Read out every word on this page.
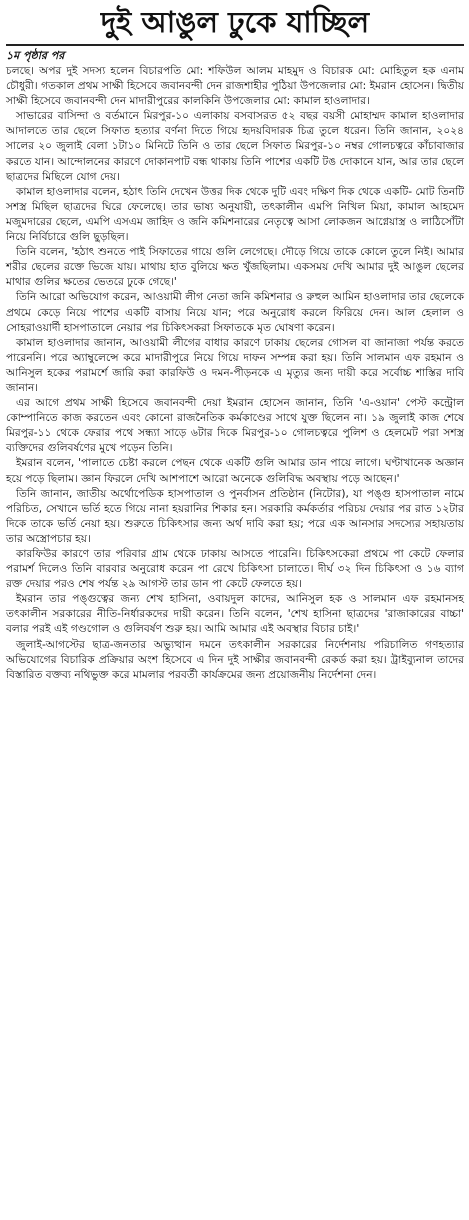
দুই আঙুল ঢুকে যাচ্ছিল
১ম পৃষ্ঠার পর

চলছে। অপর দুই সদস্য হলেন বিচারপতি মো: শফিউল আলম মাহমুদ ও বিচারক মো: মোহিতুল হক এনাম চৌধুরী। গতকাল প্রথম সাক্ষী হিসেবে জবানবন্দী দেন রাজশাহীর পুঠিয়া উপজেলার মো: ইমরান হোসেন। দ্বিতীয় সাক্ষী হিসেবে জবানবন্দী দেন মাদারীপুরের কালকিনি উপজেলার মো: কামাল হাওলাদার।

সাভারের বাসিন্দা ও বর্তমানে মিরপুর-১০ এলাকায় বসবাসরত ৫২ বছর বয়সী মোহাম্মদ কামাল হাওলাদার আদালতে তার ছেলে সিফাত হত্যার বর্ণনা দিতে গিয়ে হৃদয়বিদারক চিত্র তুলে ধরেন। তিনি জানান, ২০২৪ সালের ২০ জুলাই বেলা ১টা১০ মিনিটে তিনি ও তার ছেলে সিফাত মিরপুর-১০ নম্বর গোলচত্বরে কাঁচাবাজার করতে যান। আন্দোলনের কারণে দোকানপাট বন্ধ থাকায় তিনি পাশের একটি টঙ দোকানে যান, আর তার ছেলে ছাত্রদের মিছিলে যোগ দেয়।

কামাল হাওলাদার বলেন, হঠাৎ তিনি দেখেন উত্তর দিক থেকে দুটি এবং দক্ষিণ দিক থেকে একটি- মোট তিনটি সশস্ত্র মিছিল ছাত্রদের ঘিরে ফেলেছে। তার ভাষ্য অনুযায়ী, তৎকালীন এমপি নিখিল মিয়া, কামাল আহমেদ মজুমদারের ছেলে, এমপি এসএম জাহিদ ও জনি কমিশনারের নেতৃত্বে আসা লোকজন আগ্নেয়াস্ত্র ও লাঠিসোঁটা নিয়ে নির্বিচারে গুলি ছুড়ছিল।

তিনি বলেন, 'হঠাৎ শুনতে পাই সিফাতের গায়ে গুলি লেগেছে। দৌড়ে গিয়ে তাকে কোলে তুলে নিই। আমার শরীর ছেলের রক্তে ভিজে যায়। মাথায় হাত বুলিয়ে ক্ষত খুঁজছিলাম। একসময় দেখি আমার দুই আঙুল ছেলের মাথার গুলির ক্ষতের ভেতরে ঢুকে গেছে।'

তিনি আরো অভিযোগ করেন, আওয়ামী লীগ নেতা জনি কমিশনার ও রুহুল আমিন হাওলাদার তার ছেলেকে প্রথমে কেড়ে নিয়ে পাশের একটি বাসায় নিয়ে যান; পরে অনুরোধ করলে ফিরিয়ে দেন। আল হেলাল ও সোহরাওয়ার্দী হাসপাতালে নেয়ার পর চিকিৎসকরা সিফাতকে মৃত ঘোষণা করেন।

কামাল হাওলাদার জানান, আওয়ামী লীগের বাধার কারণে ঢাকায় ছেলের গোসল বা জানাজা পর্যন্ত করতে পারেননি। পরে অ্যাম্বুলেন্সে করে মাদারীপুরে নিয়ে গিয়ে দাফন সম্পন্ন করা হয়। তিনি সালমান এফ রহমান ও আনিসুল হকের পরামর্শে জারি করা কারফিউ ও দমন-পীড়নকে এ মৃত্যুর জন্য দায়ী করে সর্বোচ্চ শাস্তির দাবি জানান।

এর আগে প্রথম সাক্ষী হিসেবে জবানবন্দী দেয়া ইমরান হোসেন জানান, তিনি 'এ-ওয়ান' পেস্ট কন্ট্রোল কোম্পানিতে কাজ করতেন এবং কোনো রাজনৈতিক কর্মকাণ্ডের সাথে যুক্ত ছিলেন না। ১৯ জুলাই কাজ শেষে মিরপুর-১১ থেকে ফেরার পথে সন্ধ্যা সাড়ে ৬টার দিকে মিরপুর-১০ গোলচত্বরে পুলিশ ও হেলমেট পরা সশস্ত্র ব্যক্তিদের গুলিবর্ষণের মুখে পড়েন তিনি।

ইমরান বলেন, 'পালাতে চেষ্টা করলে পেছন থেকে একটি গুলি আমার ডান পায়ে লাগে। ঘণ্টাখানেক অজ্ঞান হয়ে পড়ে ছিলাম। জ্ঞান ফিরলে দেখি আশপাশে আরো অনেকে গুলিবিদ্ধ অবস্থায় পড়ে আছেন।'

তিনি জানান, জাতীয় অর্থোপেডিক হাসপাতাল ও পুনর্বাসন প্রতিষ্ঠান (নিটোর), যা পঙ্গু হাসপাতাল নামে পরিচিত, সেখানে ভর্তি হতে গিয়ে নানা হয়রানির শিকার হন। সরকারি কর্মকর্তার পরিচয় দেয়ার পর রাত ১২টার দিকে তাকে ভর্তি নেয়া হয়। শুরুতে চিকিৎসার জন্য অর্থ দাবি করা হয়; পরে এক আনসার সদস্যের সহায়তায় তার অস্ত্রোপচার হয়।

কারফিউর কারণে তার পরিবার গ্রাম থেকে ঢাকায় আসতে পারেনি। চিকিৎসকেরা প্রথমে পা কেটে ফেলার পরামর্শ দিলেও তিনি বারবার অনুরোধ করেন পা রেখে চিকিৎসা চালাতে। দীর্ঘ ৩২ দিন চিকিৎসা ও ১৬ ব্যাগ রক্ত দেয়ার পরও শেষ পর্যন্ত ২৯ আগস্ট তার ডান পা কেটে ফেলতে হয়।

ইমরান তার পঙ্গুত্বের জন্য শেখ হাসিনা, ওবায়দুল কাদের, আনিসুল হক ও সালমান এফ রহমানসহ তৎকালীন সরকারের নীতি-নির্ধারকদের দায়ী করেন। তিনি বলেন, 'শেখ হাসিনা ছাত্রদের 'রাজাকারের বাচ্চা' বলার পরই এই গণ্ডগোল ও গুলিবর্ষণ শুরু হয়। আমি আমার এই অবস্থার বিচার চাই।'

জুলাই-আগস্টের ছাত্র-জনতার অভ্যুত্থান দমনে তৎকালীন সরকারের নির্দেশনায় পরিচালিত গণহত্যার অভিযোগের বিচারিক প্রক্রিয়ার অংশ হিসেবে এ দিন দুই সাক্ষীর জবানবন্দী রেকর্ড করা হয়। ট্রাইব্যুনাল তাদের বিস্তারিত বক্তব্য নথিভুক্ত করে মামলার পরবর্তী কার্যক্রমের জন্য প্রয়োজনীয় নির্দেশনা দেন।
